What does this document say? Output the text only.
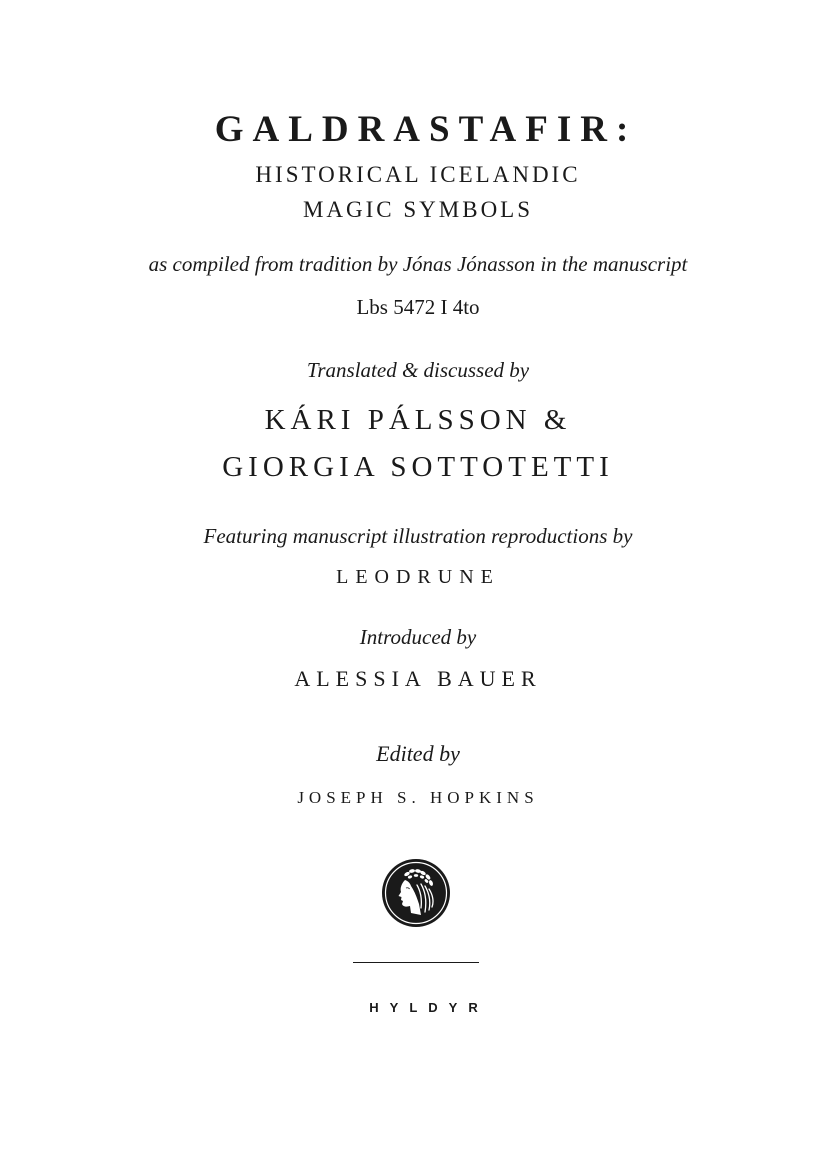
GALDRASTAFIR:
HISTORICAL ICELANDIC
MAGIC SYMBOLS
as compiled from tradition by Jónas Jónasson in the manuscript
Lbs 5472 I 4to
Translated & discussed by
KÁRI PÁLSSON &
GIORGIA SOTTOTETTI
Featuring manuscript illustration reproductions by
LEODRUNE
Introduced by
ALESSIA BAUER
Edited by
JOSEPH S. HOPKINS
HYLDYR
